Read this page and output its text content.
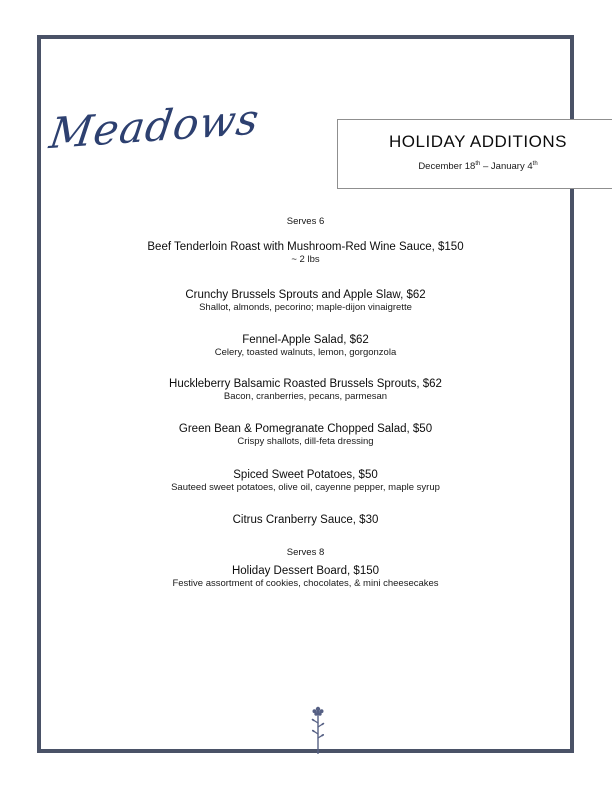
Meadows	HOLIDAY ADDITIONS
December 18th – January 4th
Serves 6
Beef Tenderloin Roast with Mushroom-Red Wine Sauce, $150
~ 2 lbs
Crunchy Brussels Sprouts and Apple Slaw, $62
Shallot, almonds, pecorino; maple-dijon vinaigrette
Fennel-Apple Salad, $62
Celery, toasted walnuts, lemon, gorgonzola
Huckleberry Balsamic Roasted Brussels Sprouts, $62
Bacon, cranberries, pecans, parmesan
Green Bean & Pomegranate Chopped Salad, $50
Crispy shallots, dill-feta dressing
Spiced Sweet Potatoes, $50
Sauteed sweet potatoes, olive oil, cayenne pepper, maple syrup
Citrus Cranberry Sauce, $30
Serves 8
Holiday Dessert Board, $150
Festive assortment of cookies, chocolates, & mini cheesecakes
